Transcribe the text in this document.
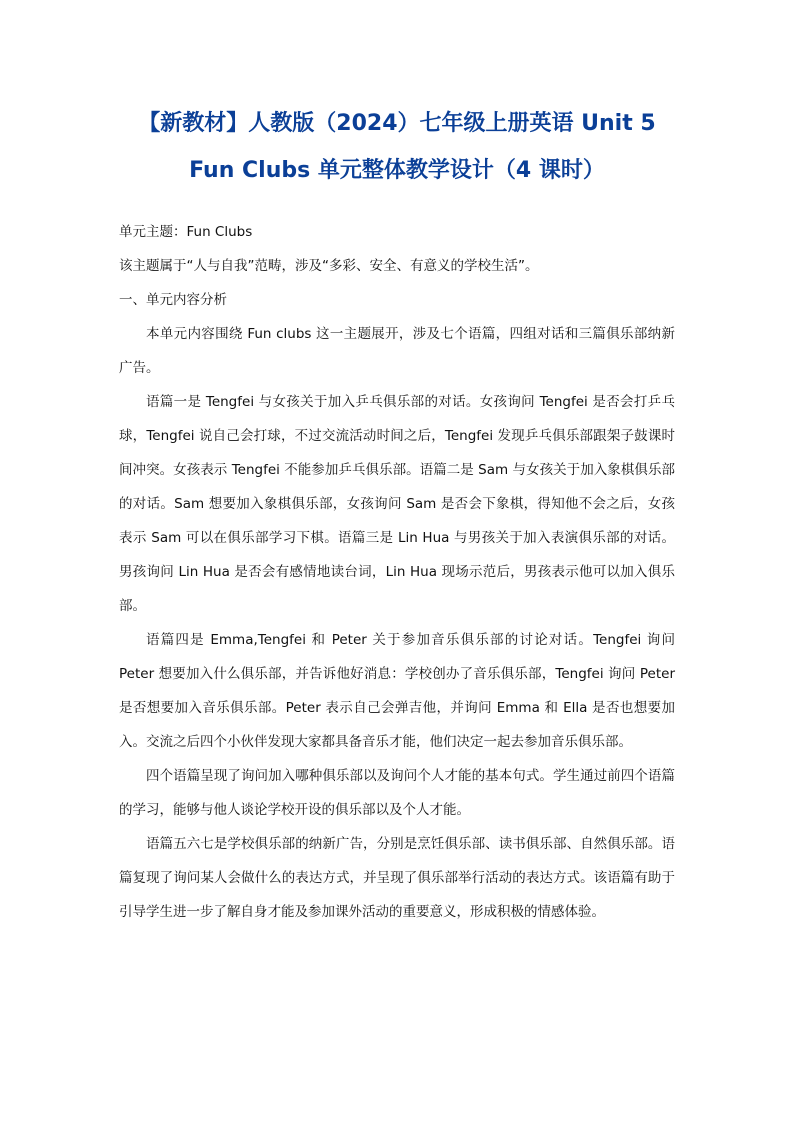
【新教材】人教版（2024）七年级上册英语 Unit 5
Fun Clubs 单元整体教学设计（4 课时）

单元主题：Fun Clubs

该主题属于“人与自我”范畴，涉及“多彩、安全、有意义的学校生活”。

一、单元内容分析

本单元内容围绕 Fun clubs 这一主题展开，涉及七个语篇，四组对话和三篇俱乐部纳新广告。

语篇一是 Tengfei 与女孩关于加入乒乓俱乐部的对话。女孩询问 Tengfei 是否会打乒乓球，Tengfei 说自己会打球，不过交流活动时间之后，Tengfei 发现乒乓俱乐部跟架子鼓课时间冲突。女孩表示 Tengfei 不能参加乒乓俱乐部。语篇二是 Sam 与女孩关于加入象棋俱乐部的对话。Sam 想要加入象棋俱乐部，女孩询问 Sam 是否会下象棋，得知他不会之后，女孩表示 Sam 可以在俱乐部学习下棋。语篇三是 Lin Hua 与男孩关于加入表演俱乐部的对话。男孩询问 Lin Hua 是否会有感情地读台词，Lin Hua 现场示范后，男孩表示他可以加入俱乐部。

语篇四是 Emma,Tengfei 和 Peter 关于参加音乐俱乐部的讨论对话。Tengfei 询问 Peter 想要加入什么俱乐部，并告诉他好消息：学校创办了音乐俱乐部，Tengfei 询问 Peter 是否想要加入音乐俱乐部。Peter 表示自己会弹吉他，并询问 Emma 和 Ella 是否也想要加入。交流之后四个小伙伴发现大家都具备音乐才能，他们决定一起去参加音乐俱乐部。

四个语篇呈现了询问加入哪种俱乐部以及询问个人才能的基本句式。学生通过前四个语篇的学习，能够与他人谈论学校开设的俱乐部以及个人才能。

语篇五六七是学校俱乐部的纳新广告，分别是烹饪俱乐部、读书俱乐部、自然俱乐部。语篇复现了询问某人会做什么的表达方式，并呈现了俱乐部举行活动的表达方式。该语篇有助于引导学生进一步了解自身才能及参加课外活动的重要意义，形成积极的情感体验。
